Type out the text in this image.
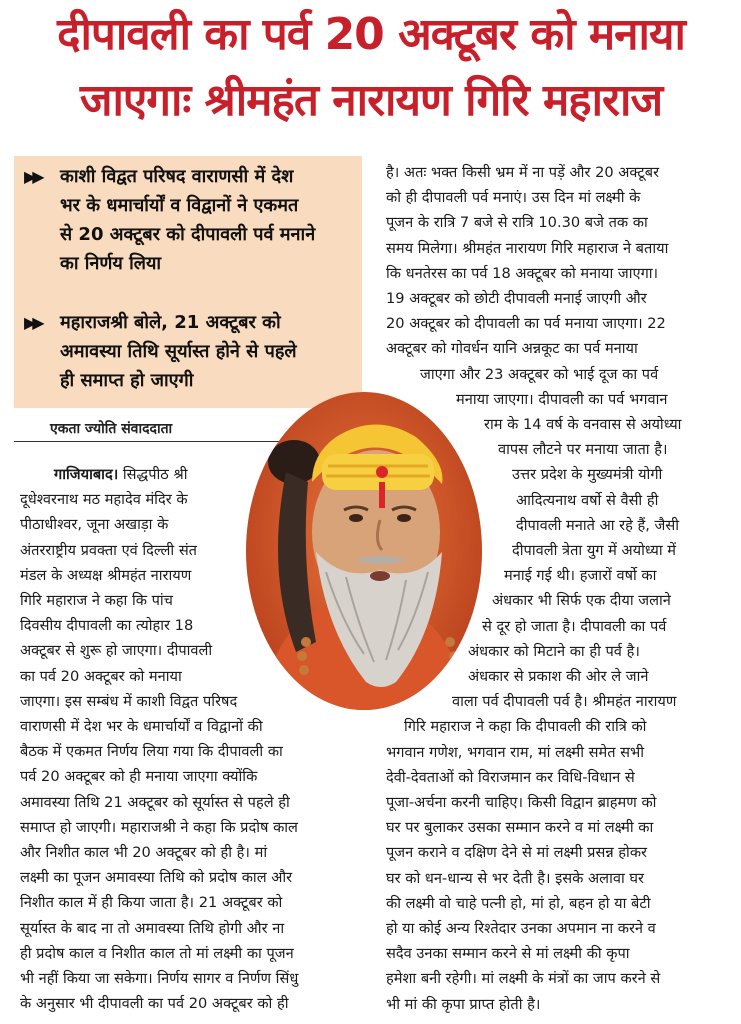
दीपावली का पर्व 20 अक्टूबर को मनाया
जाएगाः श्रीमहंत नारायण गिरि महाराज
▶▶ काशी विद्वत परिषद वाराणसी में देश
भर के धमार्चार्यों व विद्वानों ने एकमत
से 20 अक्टूबर को दीपावली पर्व मनाने
का निर्णय लिया
▶▶ महाराजश्री बोले, 21 अक्टूबर को
अमावस्या तिथि सूर्यास्त होने से पहले
ही समाप्त हो जाएगी
एकता ज्योति संवाददाता
गाजियाबाद। सिद्धपीठ श्री
दूधेश्वरनाथ मठ महादेव मंदिर के
पीठाधीश्वर, जूना अखाड़ा के
अंतरराष्ट्रीय प्रवक्ता एवं दिल्ली संत
मंडल के अध्यक्ष श्रीमहंत नारायण
गिरि महाराज ने कहा कि पांच
दिवसीय दीपावली का त्योहार 18
अक्टूबर से शुरू हो जाएगा। दीपावली
का पर्व 20 अक्टूबर को मनाया
जाएगा। इस सम्बंध में काशी विद्वत परिषद
वाराणसी में देश भर के धमार्चार्यों व विद्वानों की
बैठक में एकमत निर्णय लिया गया कि दीपावली का
पर्व 20 अक्टूबर को ही मनाया जाएगा क्योंकि
अमावस्या तिथि 21 अक्टूबर को सूर्यास्त से पहले ही
समाप्त हो जाएगी। महाराजश्री ने कहा कि प्रदोष काल
और निशीत काल भी 20 अक्टूबर को ही है। मां
लक्ष्मी का पूजन अमावस्या तिथि को प्रदोष काल और
निशीत काल में ही किया जाता है। 21 अक्टूबर को
सूर्यास्त के बाद ना तो अमावस्या तिथि होगी और ना
ही प्रदोष काल व निशीत काल तो मां लक्ष्मी का पूजन
भी नहीं किया जा सकेगा। निर्णय सागर व निर्णण सिंधु
के अनुसार भी दीपावली का पर्व 20 अक्टूबर को ही
है। अतः भक्त किसी भ्रम में ना पड़ें और 20 अक्टूबर
को ही दीपावली पर्व मनाएं। उस दिन मां लक्ष्मी के
पूजन के रात्रि 7 बजे से रात्रि 10.30 बजे तक का
समय मिलेगा। श्रीमहंत नारायण गिरि महाराज ने बताया
कि धनतेरस का पर्व 18 अक्टूबर को मनाया जाएगा।
19 अक्टूबर को छोटी दीपावली मनाई जाएगी और
20 अक्टूबर को दीपावली का पर्व मनाया जाएगा। 22
अक्टूबर को गोवर्धन यानि अन्नकूट का पर्व मनाया
जाएगा और 23 अक्टूबर को भाई दूज का पर्व
मनाया जाएगा। दीपावली का पर्व भगवान
राम के 14 वर्ष के वनवास से अयोध्या
वापस लौटने पर मनाया जाता है।
उत्तर प्रदेश के मुख्यमंत्री योगी
आदित्यनाथ वर्षो से वैसी ही
दीपावली मनाते आ रहे हैं, जैसी
दीपावली त्रेता युग में अयोध्या में
मनाई गई थी। हजारों वर्षो का
अंधकार भी सिर्फ एक दीया जलाने
से दूर हो जाता है। दीपावली का पर्व
अंधकार को मिटाने का ही पर्व है।
अंधकार से प्रकाश की ओर ले जाने
वाला पर्व दीपावली पर्व है। श्रीमहंत नारायण
गिरि महाराज ने कहा कि दीपावली की रात्रि को
भगवान गणेश, भगवान राम, मां लक्ष्मी समेत सभी
देवी-देवताओं को विराजमान कर विधि-विधान से
पूजा-अर्चना करनी चाहिए। किसी विद्वान ब्राहमण को
घर पर बुलाकर उसका सम्मान करने व मां लक्ष्मी का
पूजन कराने व दक्षिण देने से मां लक्ष्मी प्रसन्न होकर
घर को धन-धान्य से भर देती है। इसके अलावा घर
की लक्ष्मी वो चाहे पत्नी हो, मां हो, बहन हो या बेटी
हो या कोई अन्य रिश्तेदार उनका अपमान ना करने व
सदैव उनका सम्मान करने से मां लक्ष्मी की कृपा
हमेशा बनी रहेगी। मां लक्ष्मी के मंत्रों का जाप करने से
भी मां की कृपा प्राप्त होती है।
